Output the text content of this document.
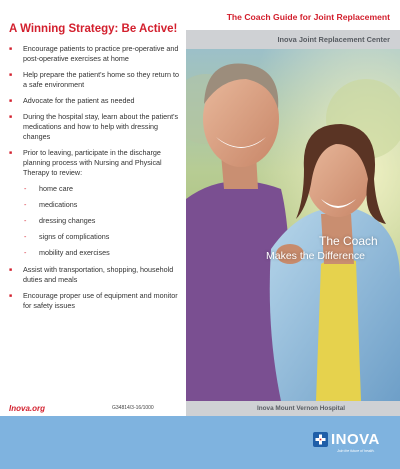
A Winning Strategy: Be Active!
■ Encourage patients to practice pre-operative and post-operative exercises at home
■ Help prepare the patient's home so they return to a safe environment
■ Advocate for the patient as needed
■ During the hospital stay, learn about the patient's medications and how to help with dressing changes
■ Prior to leaving, participate in the discharge planning process with Nursing and Physical Therapy to review:
- home care
- medications
- dressing changes
- signs of complications
- mobility and exercises
■ Assist with transportation, shopping, household duties and meals
■ Encourage proper use of equipment and monitor for safety issues
Inova.org	G34814/3-16/1000
The Coach Guide for Joint Replacement
Inova Joint Replacement Center
The Coach
Makes the Difference
Inova Mount Vernon Hospital
INOVA
Join the future of health.
